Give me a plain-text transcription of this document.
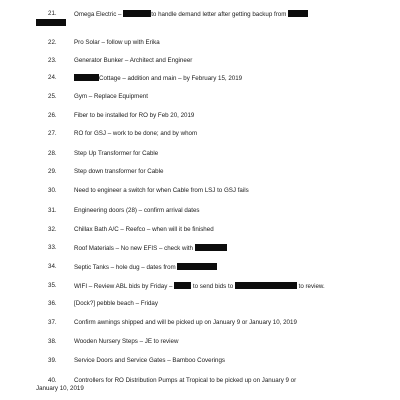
21.	Omega Electric –	to handle demand letter after getting backup from
22.	Pro Solar – follow up with Erika
23.	Generator Bunker – Architect and Engineer
24.	Cottage – addition and main – by February 15, 2019
25.	Gym – Replace Equipment
26.	Fiber to be installed for RO by Feb 20, 2019
27.	RO for GSJ – work to be done; and by whom
28.	Step Up Transformer for Cable
29.	Step down transformer for Cable
30.	Need to engineer a switch for when Cable from LSJ to GSJ fails
31.	Engineering doors (28) – confirm arrival dates
32.	Chillax Bath A/C – Reefco – when will it be finished
33.	Roof Materials – No new EFIS – check with
34.	Septic Tanks – hole dug – dates from
35.	WIFI – Review ABL bids by Friday –	to send bids to	to review.
36.	[Dock?] pebble beach – Friday
37.	Confirm awnings shipped and will be picked up on January 9 or January 10, 2019
38.	Wooden Nursery Steps – JE to review
39.	Service Doors and Service Gates – Bamboo Coverings
40.	Controllers for RO Distribution Pumps at Tropical to be picked up on January 9 or
January 10, 2019
